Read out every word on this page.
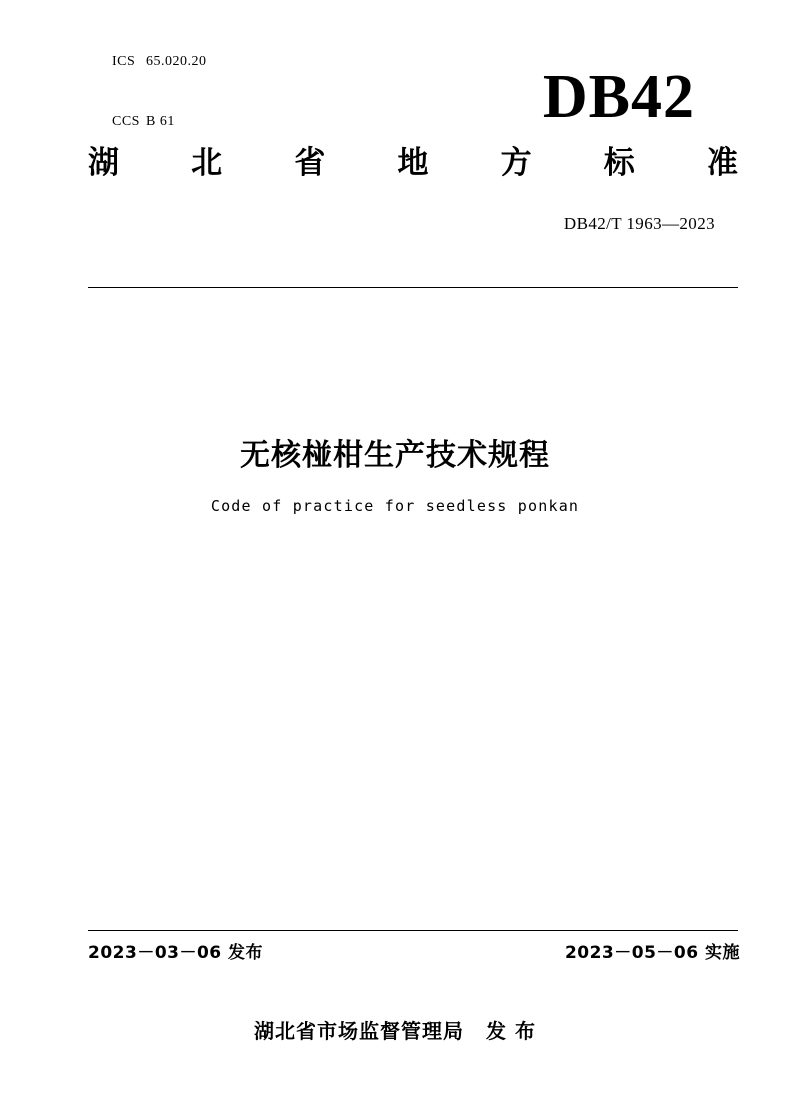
ICS 65.020.20

CCS B 61
	DB42
湖 北 省 地 方 标 准
DB42/T 1963—2023
无核椪柑生产技术规程
Code of practice for seedless ponkan
2023－03－06 发布	2023－05－06 实施
湖北省市场监督管理局 发 布
